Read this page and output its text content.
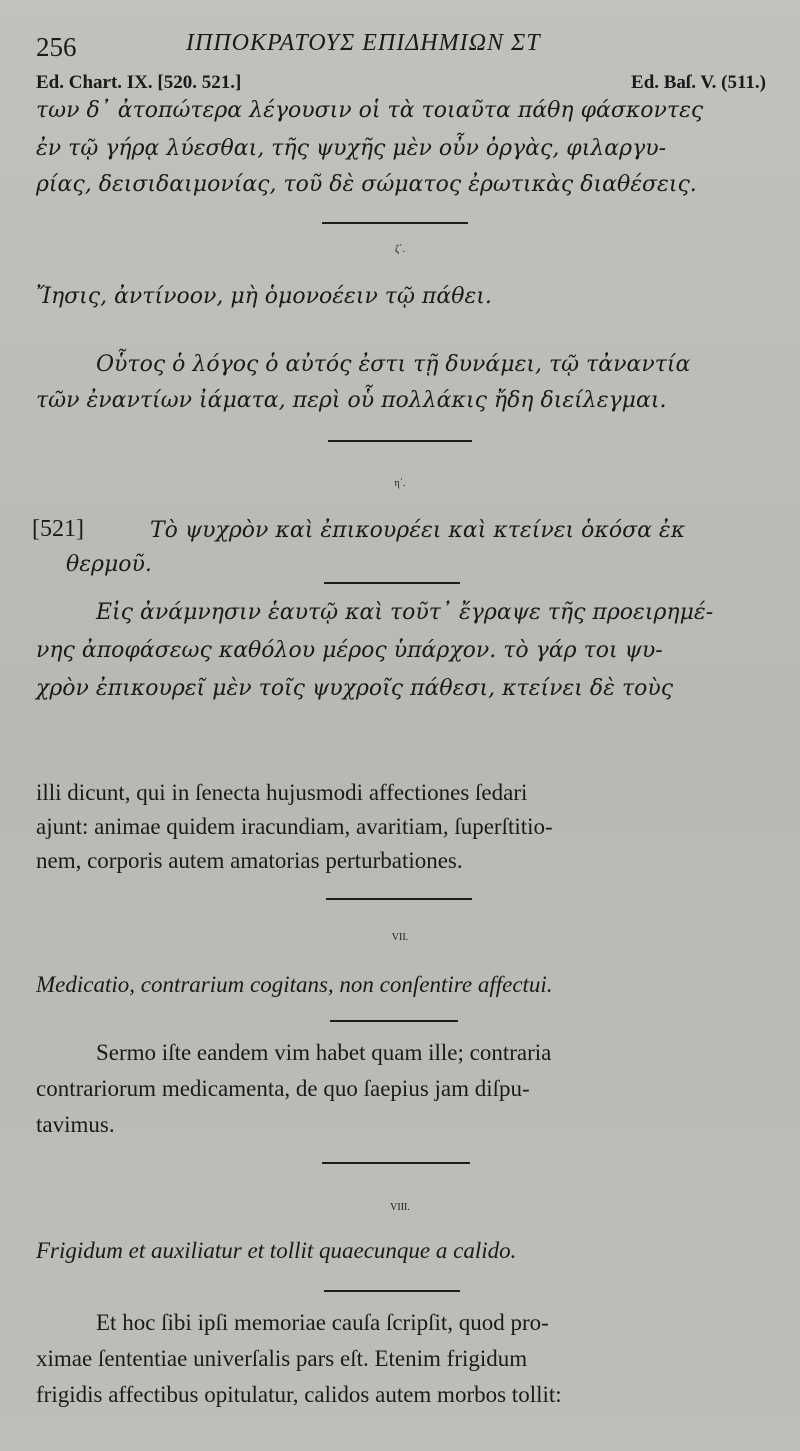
256	ΙΠΠΟΚΡΑΤΟΥΣ ΕΠΙΔΗΜΙΩΝ ΣΤ
Ed. Chart. IX. [520. 521.]	Ed. Baſ. V. (511.)
των δ᾽ ἀτοπώτερα λέγουσιν οἱ τὰ τοιαῦτα πάθη φάσκοντες
ἐν τῷ γήρᾳ λύεσθαι, τῆς ψυχῆς μὲν οὖν ὀργὰς, φιλαργυ-
ρίας, δεισιδαιμονίας, τοῦ δὲ σώματος ἐρωτικὰς διαθέσεις.
ζ΄.
Ἴησις, ἀντίνοον, μὴ ὁμονοέειν τῷ πάθει.
Οὗτος ὁ λόγος ὁ αὐτός ἐστι τῇ δυνάμει, τῷ τἀναντία
τῶν ἐναντίων ἰάματα, περὶ οὗ πολλάκις ἤδη διείλεγμαι.
η΄.
[521]	Τὸ ψυχρὸν καὶ ἐπικουρέει καὶ κτείνει ὁκόσα ἐκ
θερμοῦ.
Εἰς ἀνάμνησιν ἑαυτῷ καὶ τοῦτ᾽ ἔγραψε τῆς προειρημέ-
νης ἀποφάσεως καθόλου μέρος ὑπάρχον. τὸ γάρ τοι ψυ-
χρὸν ἐπικουρεῖ μὲν τοῖς ψυχροῖς πάθεσι, κτείνει δὲ τοὺς
illi dicunt, qui in ſenecta hujusmodi affectiones ſedari
ajunt: animae quidem iracundiam, avaritiam, ſuperſtitio-
nem, corporis autem amatorias perturbationes.
VII.
Medicatio, contrarium cogitans, non conſentire affectui.
Sermo iſte eandem vim habet quam ille; contraria
contrariorum medicamenta, de quo ſaepius jam diſpu-
tavimus.
VIII.
Frigidum et auxiliatur et tollit quaecunque a calido.
Et hoc ſibi ipſi memoriae cauſa ſcripſit, quod pro-
ximae ſententiae univerſalis pars eſt. Etenim frigidum
frigidis affectibus opitulatur, calidos autem morbos tollit:
